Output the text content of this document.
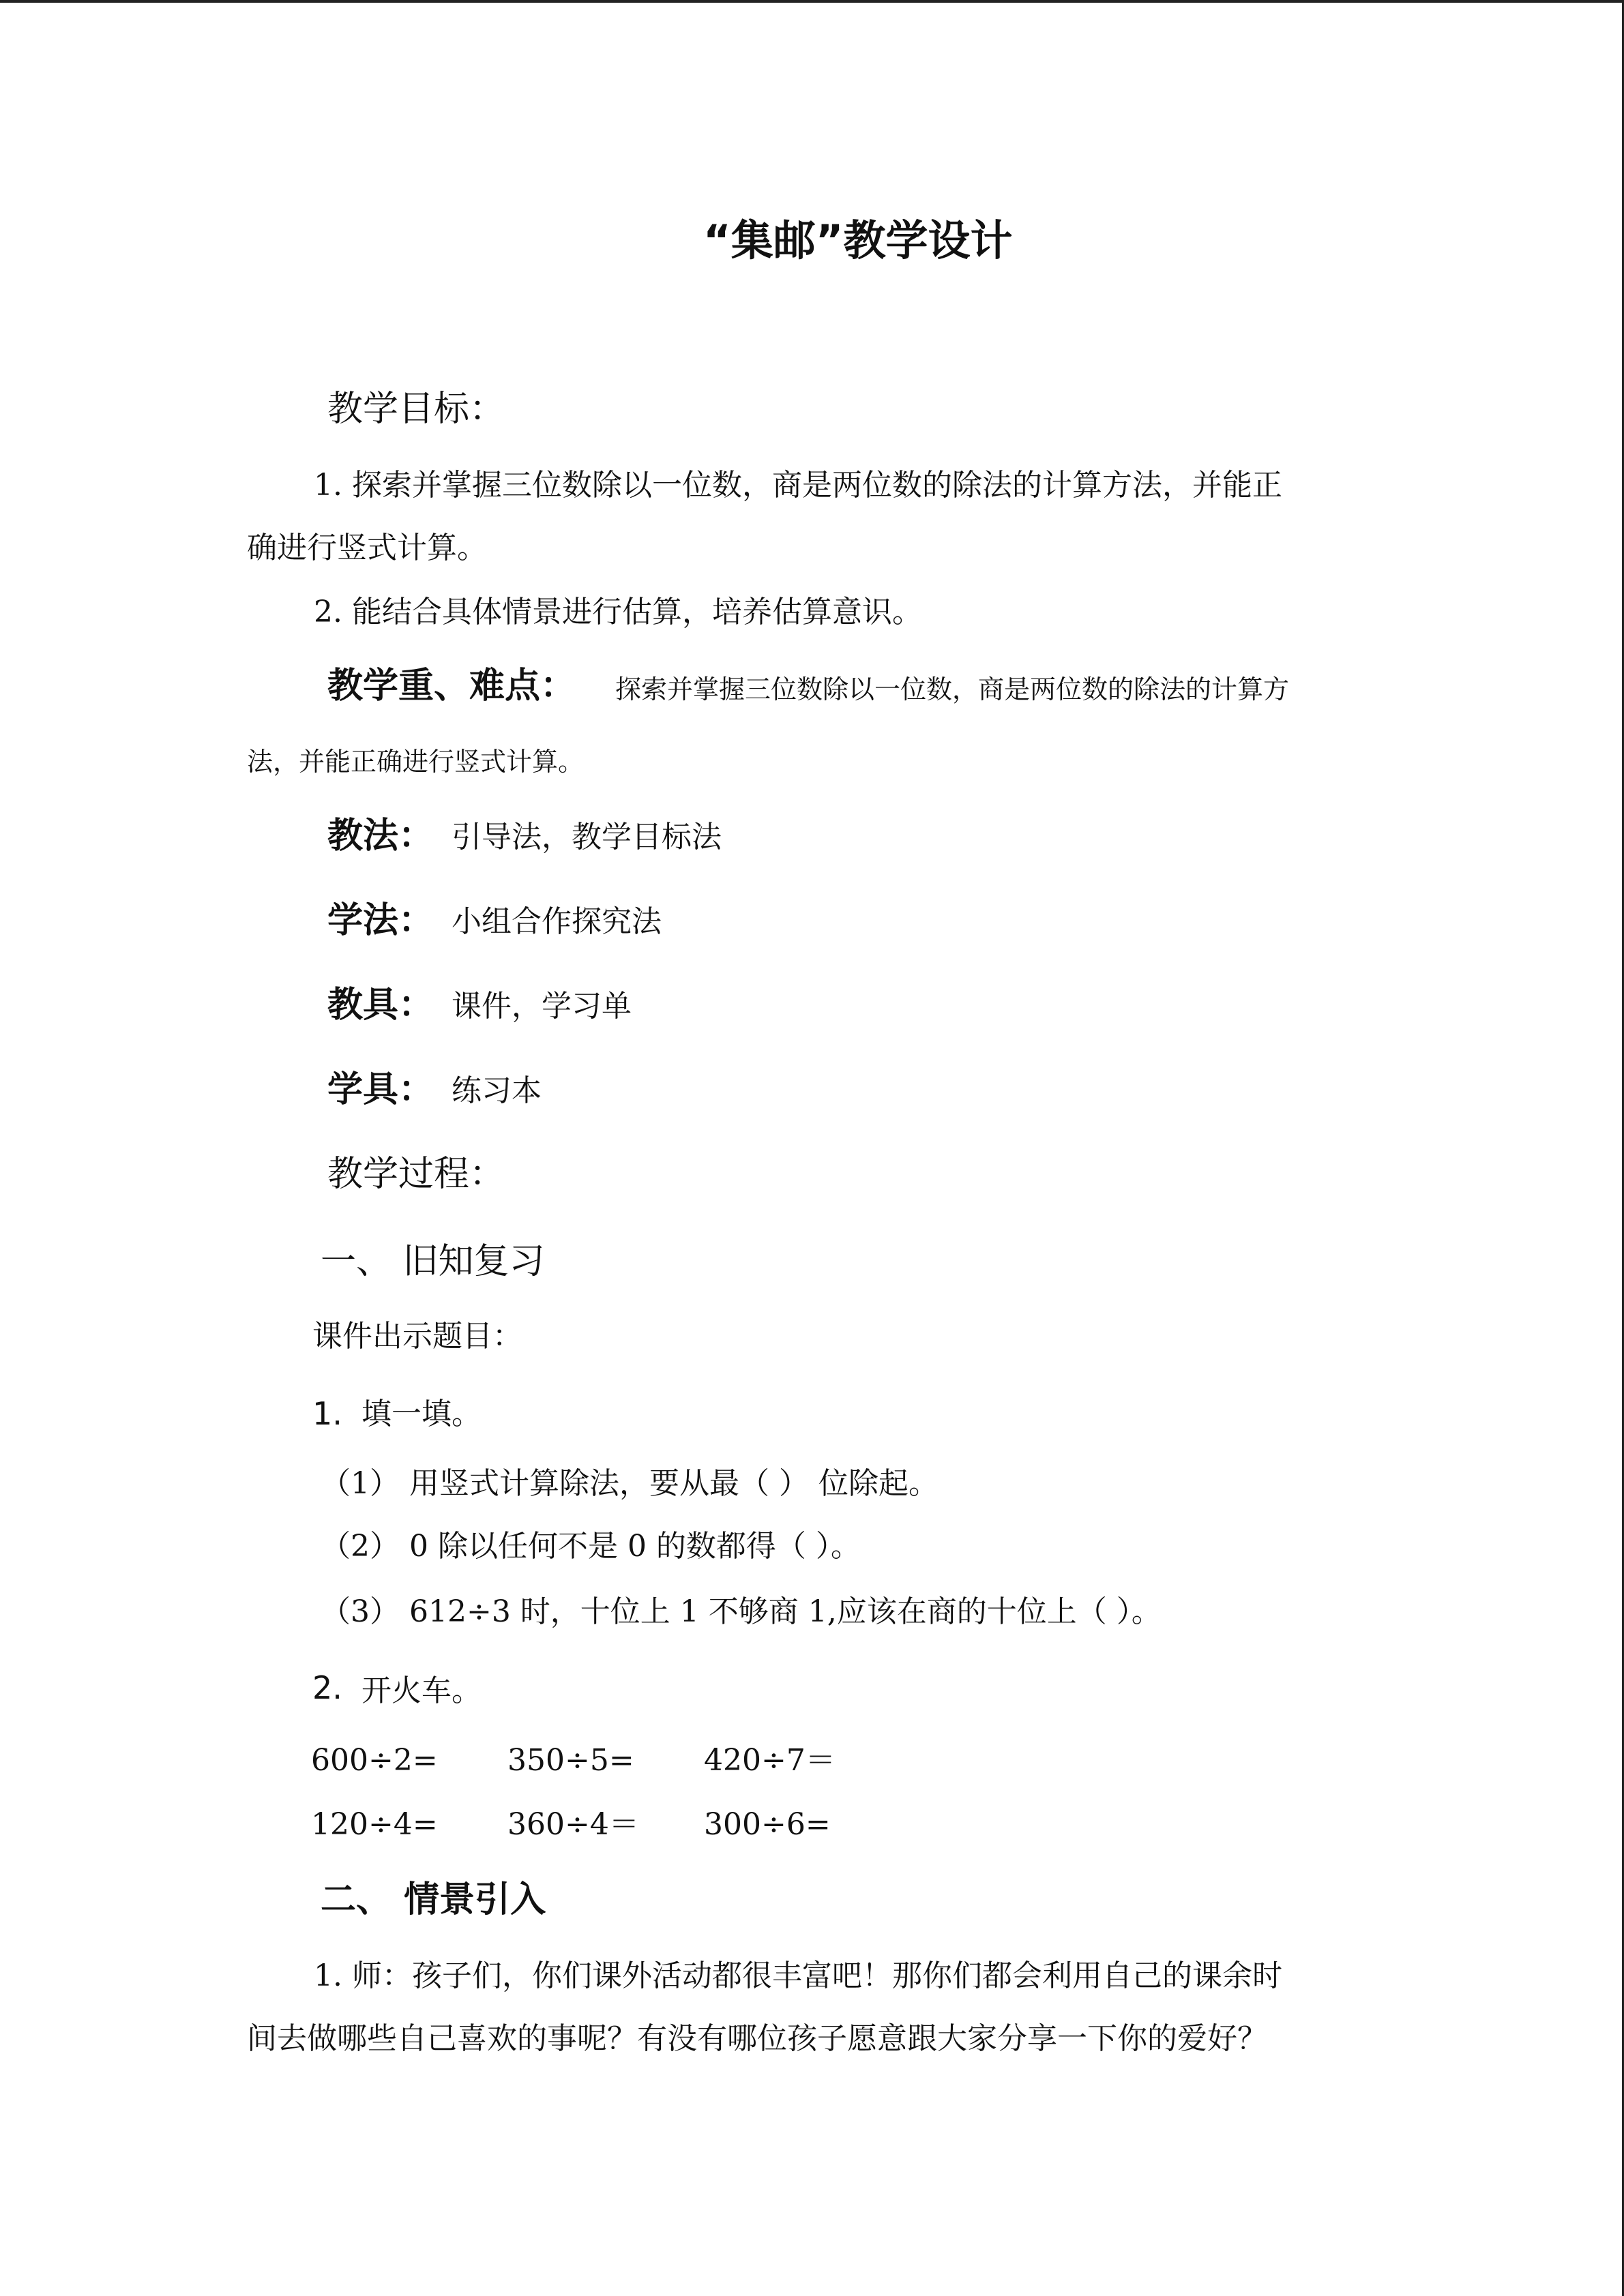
“集邮”教学设计
教学目标：
1. 探索并掌握三位数除以一位数，商是两位数的除法的计算方法，并能正
确进行竖式计算。
2. 能结合具体情景进行估算，培养估算意识。
教学重、难点： 探索并掌握三位数除以一位数，商是两位数的除法的计算方
法，并能正确进行竖式计算。
教法： 引导法，教学目标法
学法： 小组合作探究法
教具： 课件，学习单
学具： 练习本
教学过程：
一、 旧知复习
课件出示题目：
1. 填一填。
（1） 用竖式计算除法，要从最（ ） 位除起。
（2） 0 除以任何不是 0 的数都得（ ）。
（3） 612÷3 时，十位上 1 不够商 1,应该在商的十位上（ ）。
2. 开火车。
600÷2= 350÷5= 420÷7＝
120÷4= 360÷4＝ 300÷6=
二、 情景引入
1. 师：孩子们，你们课外活动都很丰富吧！那你们都会利用自己的课余时
间去做哪些自己喜欢的事呢？有没有哪位孩子愿意跟大家分享一下你的爱好？
